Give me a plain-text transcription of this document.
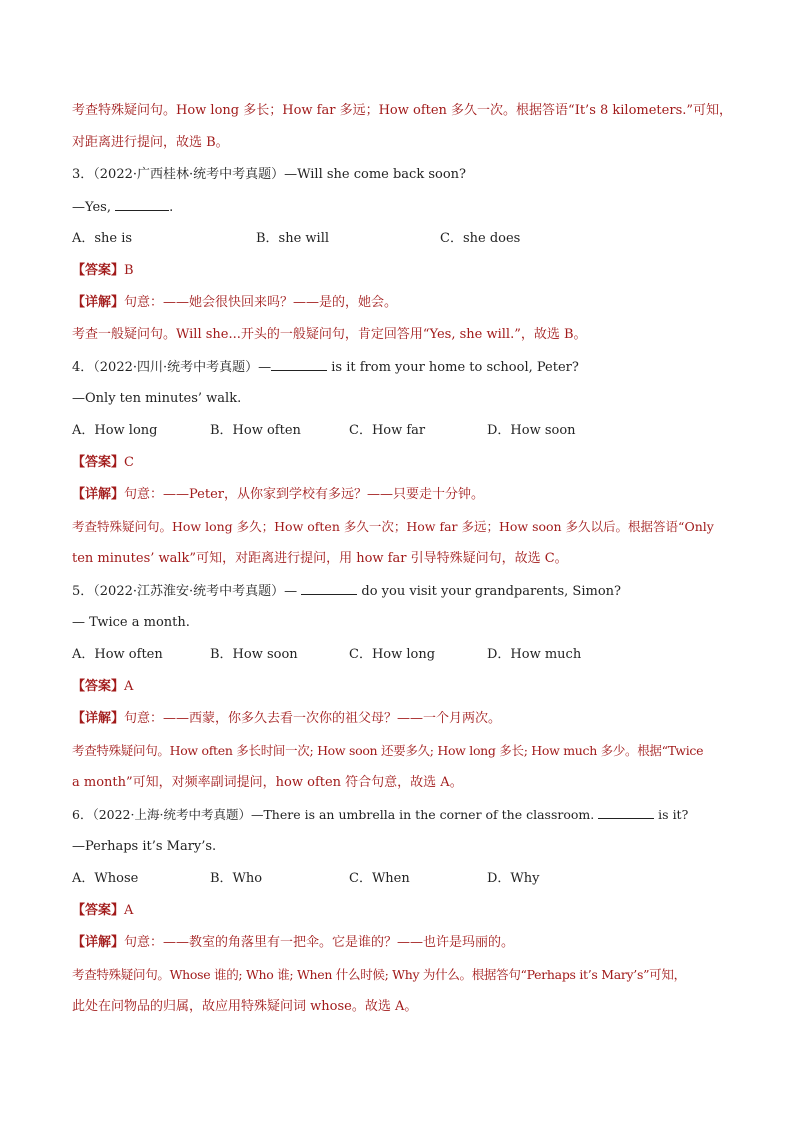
考查特殊疑问句。How long 多长；How far 多远；How often 多久一次。根据答语“It’s 8 kilometers.”可知，
对距离进行提问，故选 B。
3．（2022·广西桂林·统考中考真题）—Will she come back soon?
—Yes,	.
A．she is	B．she will	C．she does
【答案】B
【详解】句意：——她会很快回来吗？——是的，她会。
考查一般疑问句。Will she...开头的一般疑问句，肯定回答用“Yes, she will.”，故选 B。
4．（2022·四川·统考中考真题）—	is it from your home to school, Peter?
—Only ten minutes’ walk.
A．How long	B．How often	C．How far	D．How soon
【答案】C
【详解】句意：——Peter，从你家到学校有多远？——只要走十分钟。
考查特殊疑问句。How long 多久；How often 多久一次；How far 多远；How soon 多久以后。根据答语“Only
ten minutes’ walk”可知，对距离进行提问，用 how far 引导特殊疑问句，故选 C。
5．（2022·江苏淮安·统考中考真题）—	do you visit your grandparents, Simon?
— Twice a month.
A．How often	B．How soon	C．How long	D．How much
【答案】A
【详解】句意：——西蒙，你多久去看一次你的祖父母？——一个月两次。
考查特殊疑问句。How often 多长时间一次; How soon 还要多久; How long 多长; How much 多少。根据“Twice
a month”可知，对频率副词提问，how often 符合句意，故选 A。
6．（2022·上海·统考中考真题）—There is an umbrella in the corner of the classroom.	is it?
—Perhaps it’s Mary’s.
A．Whose	B．Who	C．When	D．Why
【答案】A
【详解】句意：——教室的角落里有一把伞。它是谁的？——也许是玛丽的。
考查特殊疑问句。Whose 谁的; Who 谁; When 什么时候; Why 为什么。根据答句“Perhaps it’s Mary’s”可知，
此处在问物品的归属，故应用特殊疑问词 whose。故选 A。
